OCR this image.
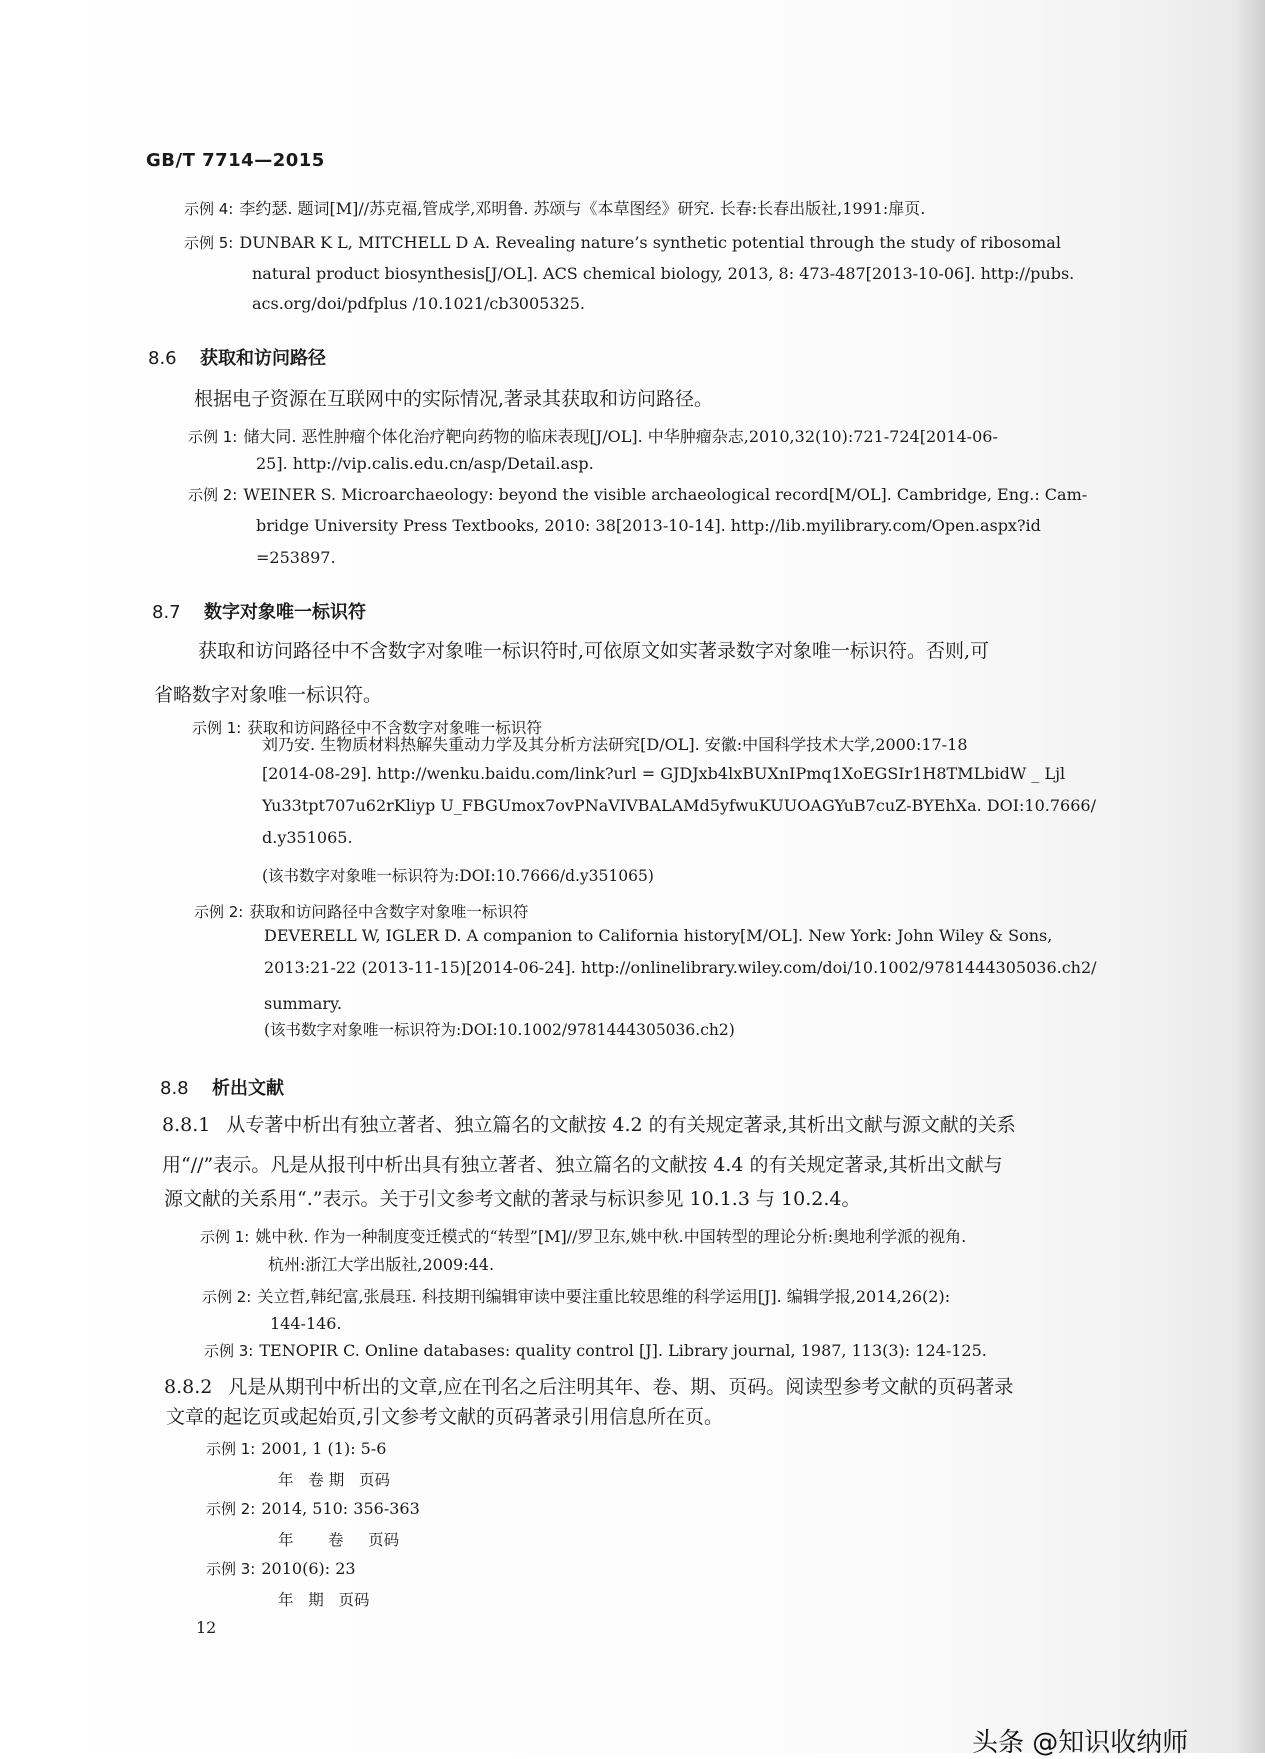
GB/T 7714—2015
示例 4: 李约瑟. 题词[M]//苏克福,管成学,邓明鲁. 苏颂与《本草图经》研究. 长春:长春出版社,1991:扉页.
示例 5: DUNBAR K L, MITCHELL D A. Revealing nature’s synthetic potential through the study of ribosomal
natural product biosynthesis[J/OL]. ACS chemical biology, 2013, 8: 473-487[2013-10-06]. http://pubs.
acs.org/doi/pdfplus /10.1021/cb3005325.
8.6 获取和访问路径
根据电子资源在互联网中的实际情况,著录其获取和访问路径。
示例 1: 储大同. 恶性肿瘤个体化治疗靶向药物的临床表现[J/OL]. 中华肿瘤杂志,2010,32(10):721-724[2014-06-
25]. http://vip.calis.edu.cn/asp/Detail.asp.
示例 2: WEINER S. Microarchaeology: beyond the visible archaeological record[M/OL]. Cambridge, Eng.: Cam-
bridge University Press Textbooks, 2010: 38[2013-10-14]. http://lib.myilibrary.com/Open.aspx?id
=253897.
8.7 数字对象唯一标识符
获取和访问路径中不含数字对象唯一标识符时,可依原文如实著录数字对象唯一标识符。否则,可
省略数字对象唯一标识符。
示例 1: 获取和访问路径中不含数字对象唯一标识符
刘乃安. 生物质材料热解失重动力学及其分析方法研究[D/OL]. 安徽:中国科学技术大学,2000:17-18
[2014-08-29]. http://wenku.baidu.com/link?url = GJDJxb4lxBUXnIPmq1XoEGSIr1H8TMLbidW _ Ljl
Yu33tpt707u62rKliyp U_FBGUmox7ovPNaVIVBALAMd5yfwuKUUOAGYuB7cuZ-BYEhXa. DOI:10.7666/
d.y351065.
(该书数字对象唯一标识符为:DOI:10.7666/d.y351065)
示例 2: 获取和访问路径中含数字对象唯一标识符
DEVERELL W, IGLER D. A companion to California history[M/OL]. New York: John Wiley & Sons,
2013:21-22 (2013-11-15)[2014-06-24]. http://onlinelibrary.wiley.com/doi/10.1002/9781444305036.ch2/
summary.
(该书数字对象唯一标识符为:DOI:10.1002/9781444305036.ch2)
8.8 析出文献
8.8.1 从专著中析出有独立著者、独立篇名的文献按 4.2 的有关规定著录,其析出文献与源文献的关系
用“//”表示。凡是从报刊中析出具有独立著者、独立篇名的文献按 4.4 的有关规定著录,其析出文献与
源文献的关系用“.”表示。关于引文参考文献的著录与标识参见 10.1.3 与 10.2.4。
示例 1: 姚中秋. 作为一种制度变迁模式的“转型”[M]//罗卫东,姚中秋.中国转型的理论分析:奥地利学派的视角.
杭州:浙江大学出版社,2009:44.
示例 2: 关立哲,韩纪富,张晨珏. 科技期刊编辑审读中要注重比较思维的科学运用[J]. 编辑学报,2014,26(2):
144-146.
示例 3: TENOPIR C. Online databases: quality control [J]. Library journal, 1987, 113(3): 124-125.
8.8.2 凡是从期刊中析出的文章,应在刊名之后注明其年、卷、期、页码。阅读型参考文献的页码著录
文章的起讫页或起始页,引文参考文献的页码著录引用信息所在页。
示例 1: 2001, 1 (1): 5-6
年   卷 期   页码
示例 2: 2014, 510: 356-363
年       卷     页码
示例 3: 2010(6): 23
年   期   页码
12
头条 @知识收纳师
